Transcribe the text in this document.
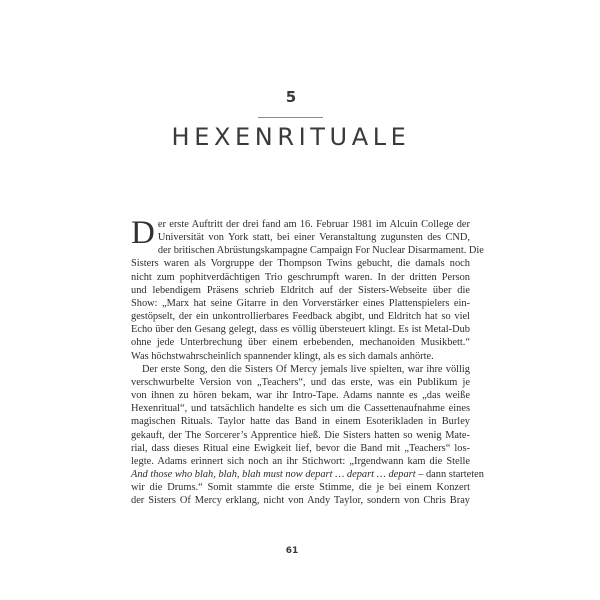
5
HEXENRITUALE

D er erste Auftritt der drei fand am 16. Februar 1981 im Alcuin College der
Universität von York statt, bei einer Veranstaltung zugunsten des CND,
der britischen Abrüstungskampagne Campaign For Nuclear Disarmament. Die
Sisters waren als Vorgruppe der Thompson Twins gebucht, die damals noch
nicht zum pophitverdächtigen Trio geschrumpft waren. In der dritten Person
und lebendigem Präsens schrieb Eldritch auf der Sisters-Webseite über die
Show: „Marx hat seine Gitarre in den Vorverstärker eines Plattenspielers ein-
gestöpselt, der ein unkontrollierbares Feedback abgibt, und Eldritch hat so viel
Echo über den Gesang gelegt, dass es völlig übersteuert klingt. Es ist Metal-Dub
ohne jede Unterbrechung über einem erbebenden, mechanoiden Musikbett.“
Was höchstwahrscheinlich spannender klingt, als es sich damals anhörte.

Der erste Song, den die Sisters Of Mercy jemals live spielten, war ihre völlig
verschwurbelte Version von „Teachers“, und das erste, was ein Publikum je
von ihnen zu hören bekam, war ihr Intro-Tape. Adams nannte es „das weiße
Hexenritual“, und tatsächlich handelte es sich um die Cassettenaufnahme eines
magischen Rituals. Taylor hatte das Band in einem Esoterikladen in Burley
gekauft, der The Sorcerer’s Apprentice hieß. Die Sisters hatten so wenig Mate-
rial, dass dieses Ritual eine Ewigkeit lief, bevor die Band mit „Teachers“ los-
legte. Adams erinnert sich noch an ihr Stichwort: „Irgendwann kam die Stelle
And those who blah, blah, blah must now depart … depart … depart – dann starteten
wir die Drums.“ Somit stammte die erste Stimme, die je bei einem Konzert
der Sisters Of Mercy erklang, nicht von Andy Taylor, sondern von Chris Bray

61
